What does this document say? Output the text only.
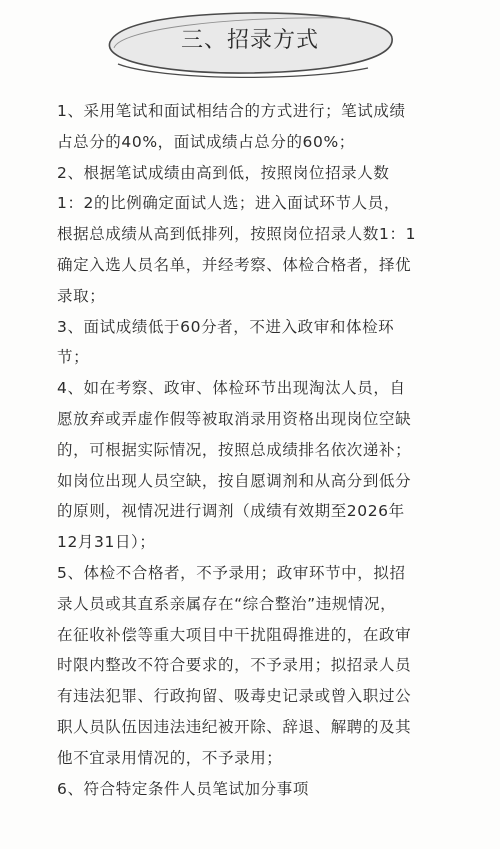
三、招录方式

1、采用笔试和面试相结合的方式进行；笔试成绩

占总分的40%，面试成绩占总分的60%；

2、根据笔试成绩由高到低，按照岗位招录人数

1：2的比例确定面试人选；进入面试环节人员，

根据总成绩从高到低排列，按照岗位招录人数1：1

确定入选人员名单，并经考察、体检合格者，择优

录取；

3、面试成绩低于60分者，不进入政审和体检环

节；

4、如在考察、政审、体检环节出现淘汰人员，自

愿放弃或弄虚作假等被取消录用资格出现岗位空缺

的，可根据实际情况，按照总成绩排名依次递补；

如岗位出现人员空缺，按自愿调剂和从高分到低分

的原则，视情况进行调剂（成绩有效期至2026年

12月31日）；

5、体检不合格者，不予录用；政审环节中，拟招

录人员或其直系亲属存在“综合整治”违规情况，

在征收补偿等重大项目中干扰阻碍推进的，在政审

时限内整改不符合要求的，不予录用；拟招录人员

有违法犯罪、行政拘留、吸毒史记录或曾入职过公

职人员队伍因违法违纪被开除、辞退、解聘的及其

他不宜录用情况的，不予录用；

6、符合特定条件人员笔试加分事项
